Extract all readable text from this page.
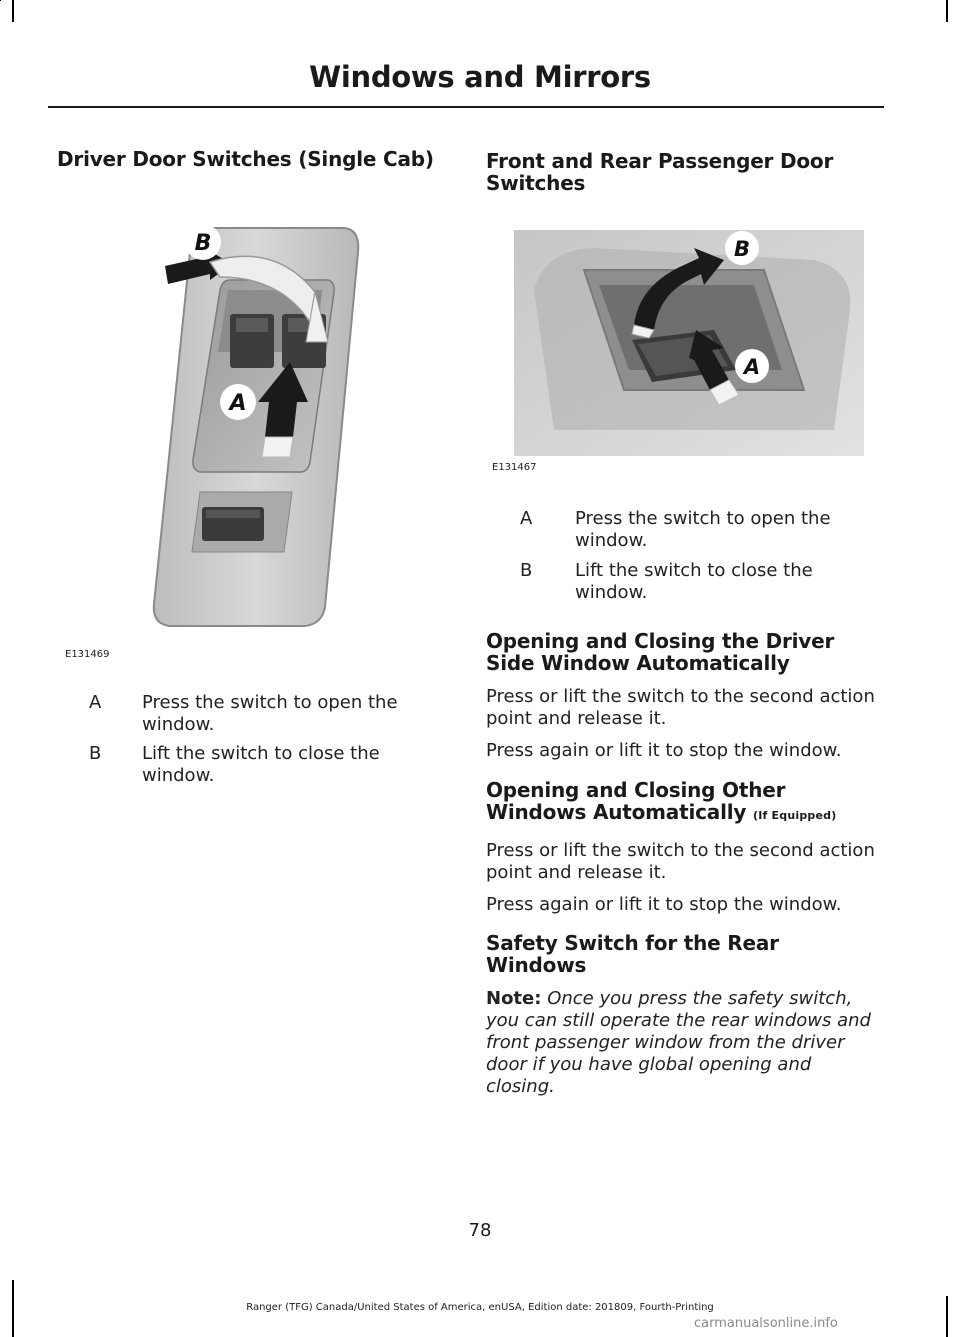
Windows and Mirrors
Driver Door Switches (Single Cab)
B
A
E131469
A Press the switch to open the window.
B Lift the switch to close the window.
Front and Rear Passenger Door
Switches
B
A
E131467
A Press the switch to open the window.
B Lift the switch to close the window.
Opening and Closing the Driver
Side Window Automatically
Press or lift the switch to the second action point and release it.
Press again or lift it to stop the window.
Opening and Closing Other
Windows Automatically (If Equipped)
Press or lift the switch to the second action point and release it.
Press again or lift it to stop the window.
Safety Switch for the Rear
Windows
Note: Once you press the safety switch, you can still operate the rear windows and front passenger window from the driver door if you have global opening and closing.
78
Ranger (TFG) Canada/United States of America, enUSA, Edition date: 201809, Fourth-Printing
carmanualsonline.info
